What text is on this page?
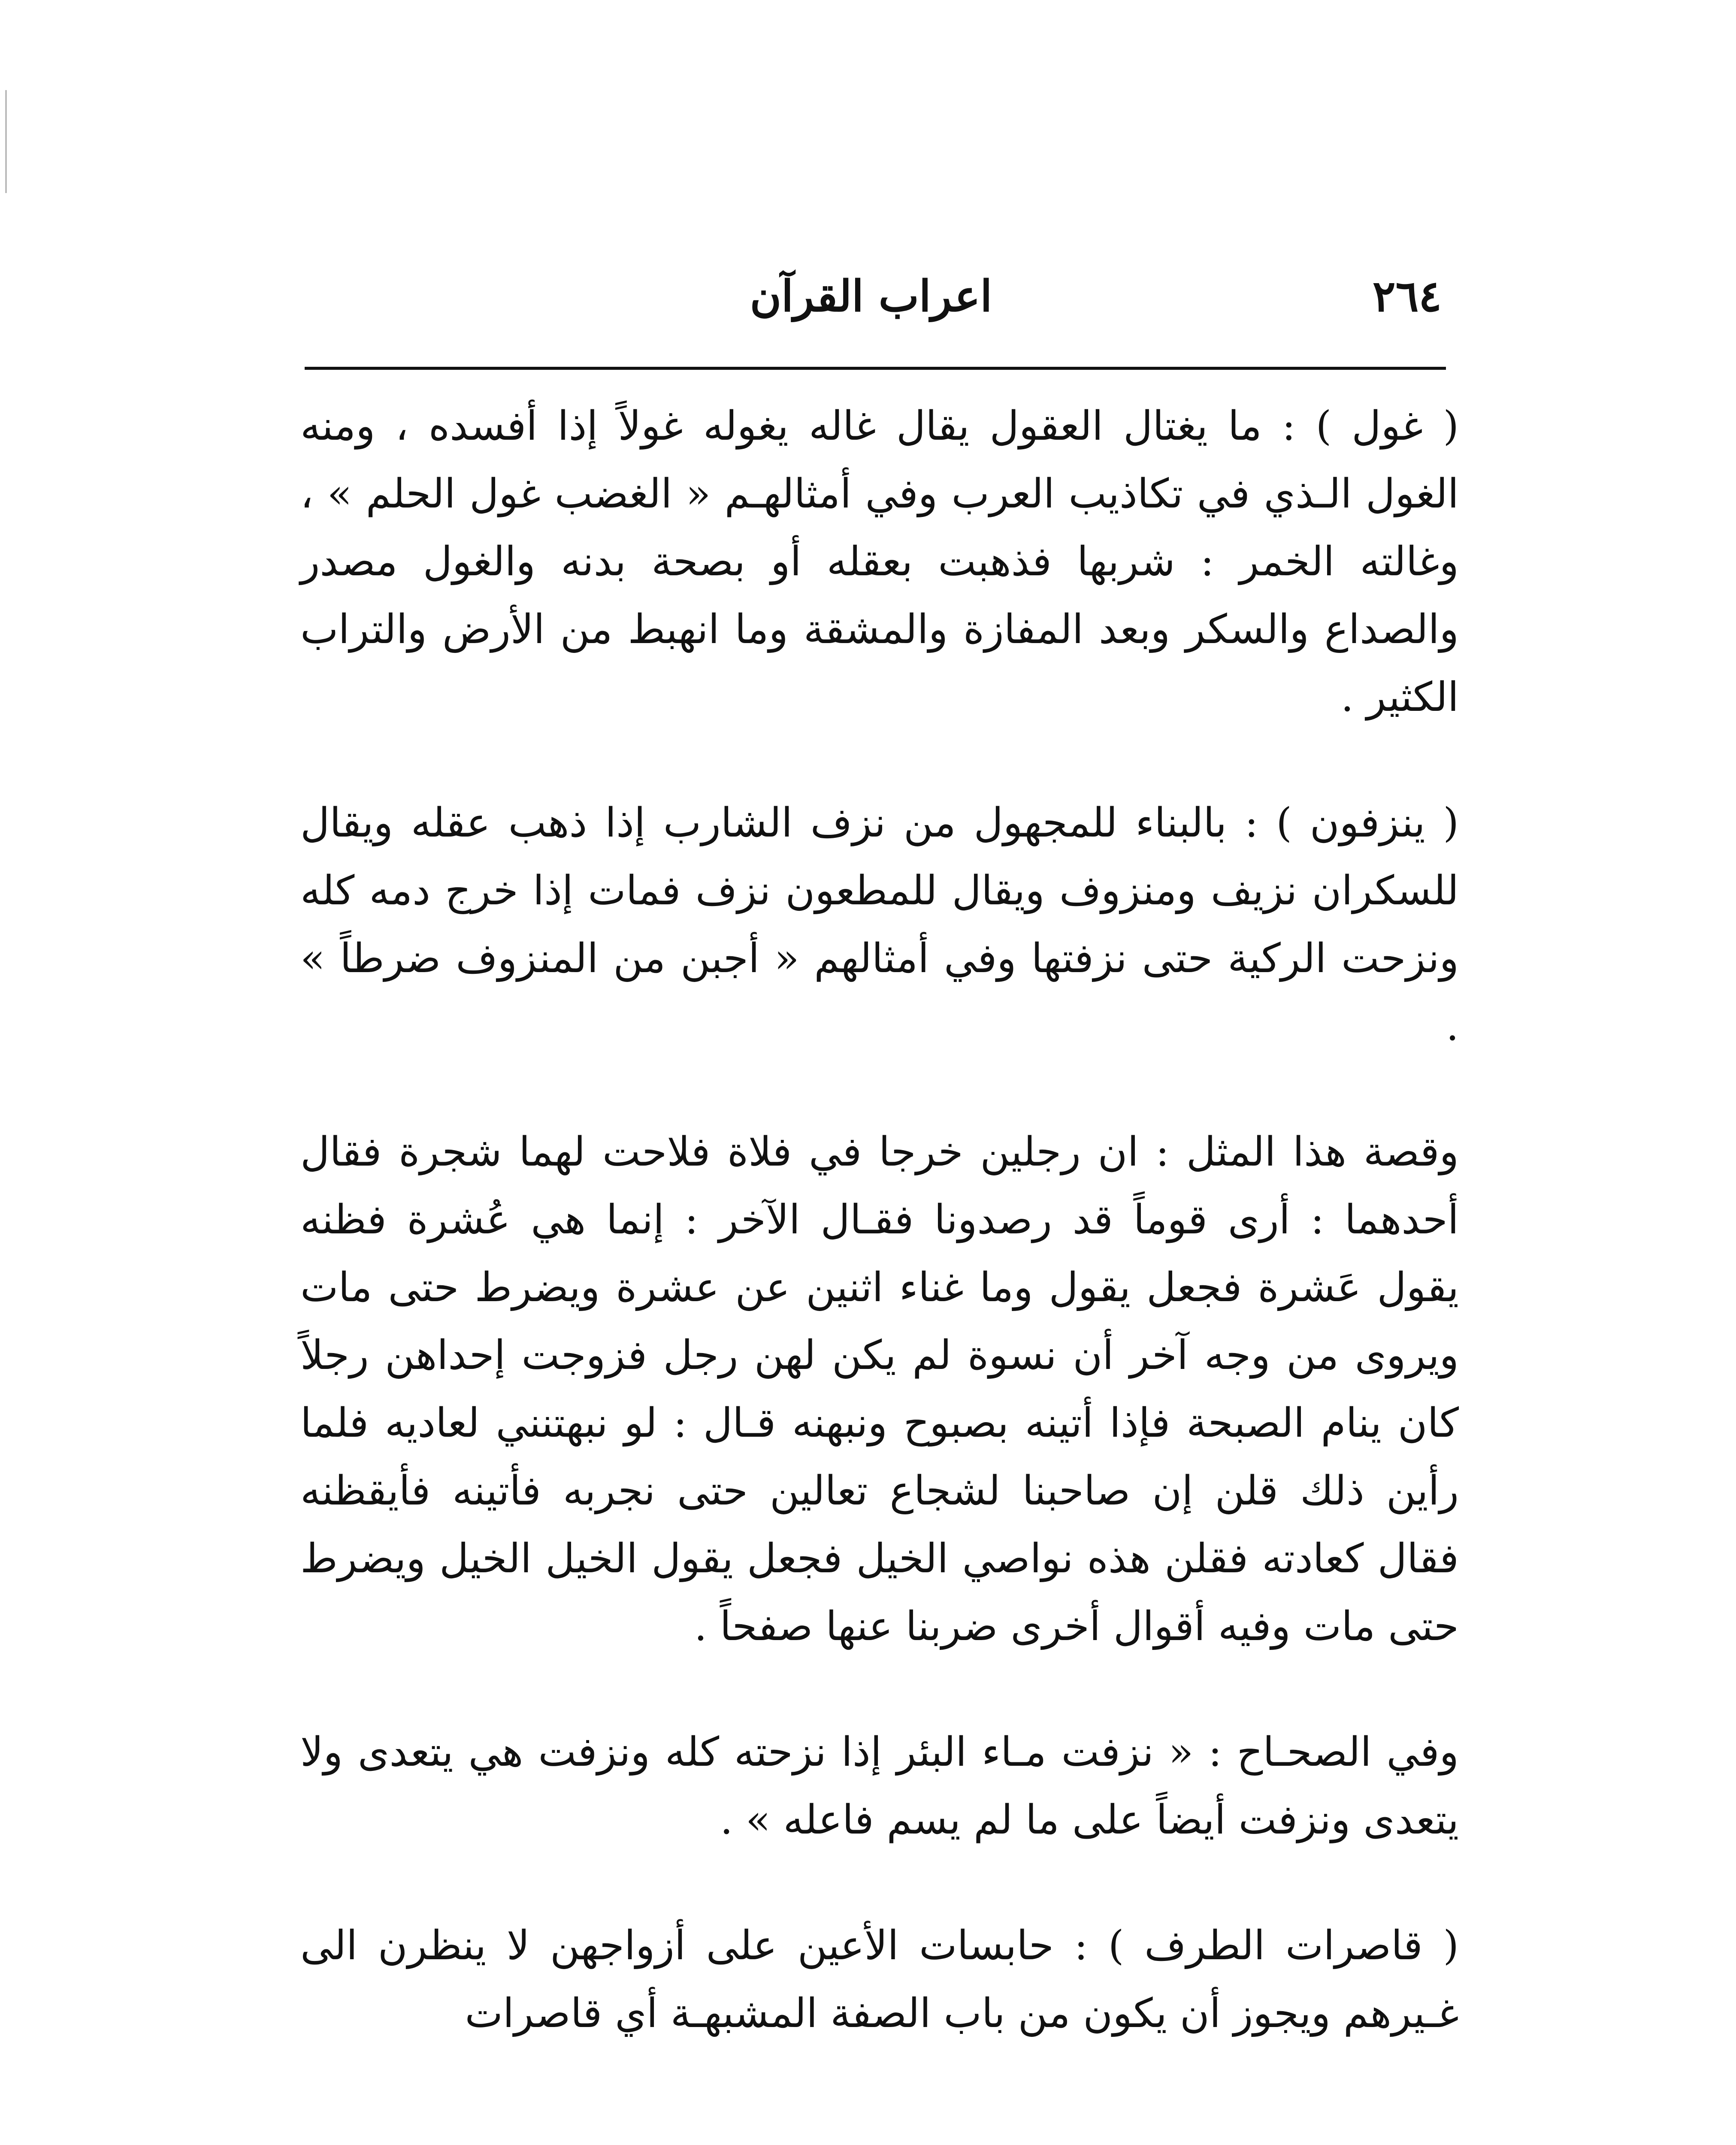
٢٦٤
اعراب القرآن

( غول ) : ما يغتال العقول يقال غاله يغوله غولاً إذا أفسده ، ومنه الغول الـذي في تكاذيب العرب وفي أمثالهـم « الغضب غول الحلم » ، وغالته الخمر : شربها فذهبت بعقله أو بصحة بدنه والغول مصدر والصداع والسكر وبعد المفازة والمشقة وما انهبط من الأرض والتراب الكثير .

( ينزفون ) : بالبناء للمجهول من نزف الشارب إذا ذهب عقله ويقال للسكران نزيف ومنزوف ويقال للمطعون نزف فمات إذا خرج دمه كله ونزحت الركية حتى نزفتها وفي أمثالهم « أجبن من المنزوف ضرطاً » .

وقصة هذا المثل : ان رجلين خرجا في فلاة فلاحت لهما شجرة فقال أحدهما : أرى قوماً قد رصدونا فقـال الآخر : إنما هي عُشرة فظنه يقول عَشرة فجعل يقول وما غناء اثنين عن عشرة ويضرط حتى مات ويروى من وجه آخر أن نسوة لم يكن لهن رجل فزوجت إحداهن رجلاً كان ينام الصبحة فإذا أتينه بصبوح ونبهنه قـال : لو نبهتنني لعاديه فلما رأين ذلك قلن إن صاحبنا لشجاع تعالين حتى نجربه فأتينه فأيقظنه فقال كعادته فقلن هذه نواصي الخيل فجعل يقول الخيل الخيل ويضرط حتى مات وفيه أقوال أخرى ضربنا عنها صفحاً .

وفي الصحـاح : « نزفت مـاء البئر إذا نزحته كله ونزفت هي يتعدى ولا يتعدى ونزفت أيضاً على ما لم يسم فاعله » .

( قاصرات الطرف ) : حابسات الأعين على أزواجهن لا ينظرن الى غـيرهم ويجوز أن يكون من باب الصفة المشبهـة أي قاصرات
